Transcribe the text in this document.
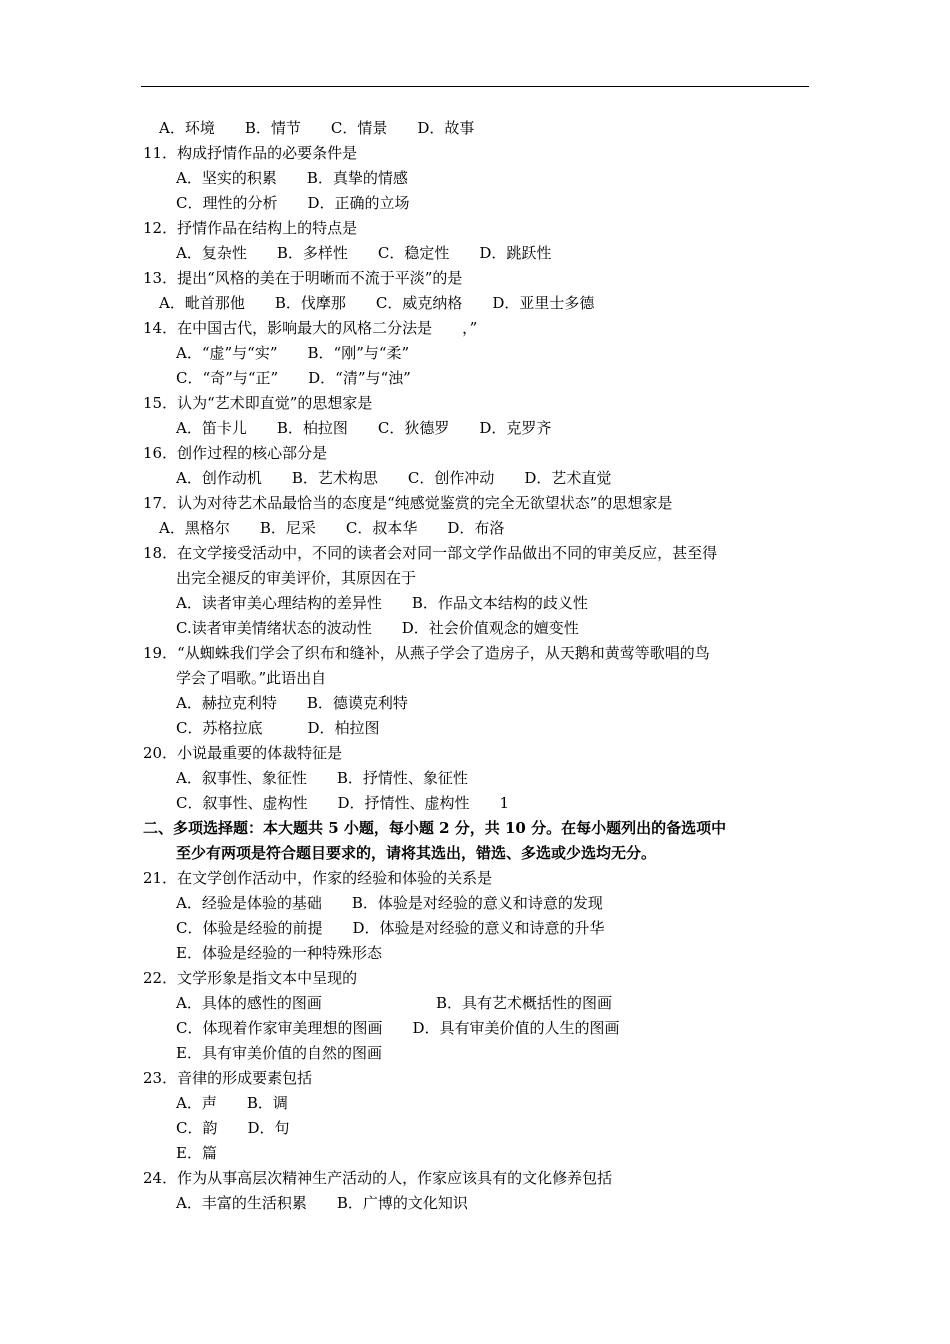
A．环境　　B．情节　　C．情景　　D．故事
11．构成抒情作品的必要条件是
A．坚实的积累　　B．真挚的情感
C．理性的分析　　D．正确的立场
12．抒情作品在结构上的特点是
A．复杂性　　B．多样性　　C．稳定性　　D．跳跃性
13．提出“风格的美在于明晰而不流于平淡”的是
A．毗首那他　　B．伐摩那　　C．威克纳格　　D．亚里士多德
14．在中国古代，影响最大的风格二分法是　　，”
A．“虚”与“实”　　B．“刚”与“柔”
C．“奇”与“正”　　D．“清”与“浊”
15．认为“艺术即直觉”的思想家是
A．笛卡儿　　B．柏拉图　　C．狄德罗　　D．克罗齐
16．创作过程的核心部分是
A．创作动机　　B．艺术构思　　C．创作冲动　　D．艺术直觉
17．认为对待艺术品最恰当的态度是“纯感觉鉴赏的完全无欲望状态”的思想家是
A．黑格尔　　B．尼采　　C．叔本华　　D．布洛
18．在文学接受活动中，不同的读者会对同一部文学作品做出不同的审美反应，甚至得
出完全褪反的审美评价，其原因在于
A．读者审美心理结构的差异性　　B．作品文本结构的歧义性
C.读者审美情绪状态的波动性　　D．社会价值观念的嬗变性
19．“从蜘蛛我们学会了织布和缝补，从燕子学会了造房子，从天鹅和黄莺等歌唱的鸟
学会了唱歌。”此语出自
A．赫拉克利特　　B．德谟克利特
C．苏格拉底　　　D．柏拉图
20．小说最重要的体裁特征是
A．叙事性、象征性　　B．抒情性、象征性
C．叙事性、虚构性　　D．抒情性、虚构性　　1
二、多项选择题：本大题共 5 小题，每小题 2 分，共 10 分。在每小题列出的备选项中
至少有两项是符合题目要求的，请将其选出，错选、多选或少选均无分。
21．在文学创作活动中，作家的经验和体验的关系是
A．经验是体验的基础　　B．体验是对经验的意义和诗意的发现
C．体验是经验的前提　　D．体验是对经验的意义和诗意的升华
E．体验是经验的一种特殊形态
22．文学形象是指文本中呈现的
A．具体的感性的图画	B．具有艺术概括性的图画
C．体现着作家审美理想的图画　　D．具有审美价值的人生的图画
E．具有审美价值的自然的图画
23．音律的形成要素包括
A．声　　B．调
C．韵　　D．句
E．篇
24．作为从事高层次精神生产活动的人，作家应该具有的文化修养包括
A．丰富的生活积累　　B．广博的文化知识
